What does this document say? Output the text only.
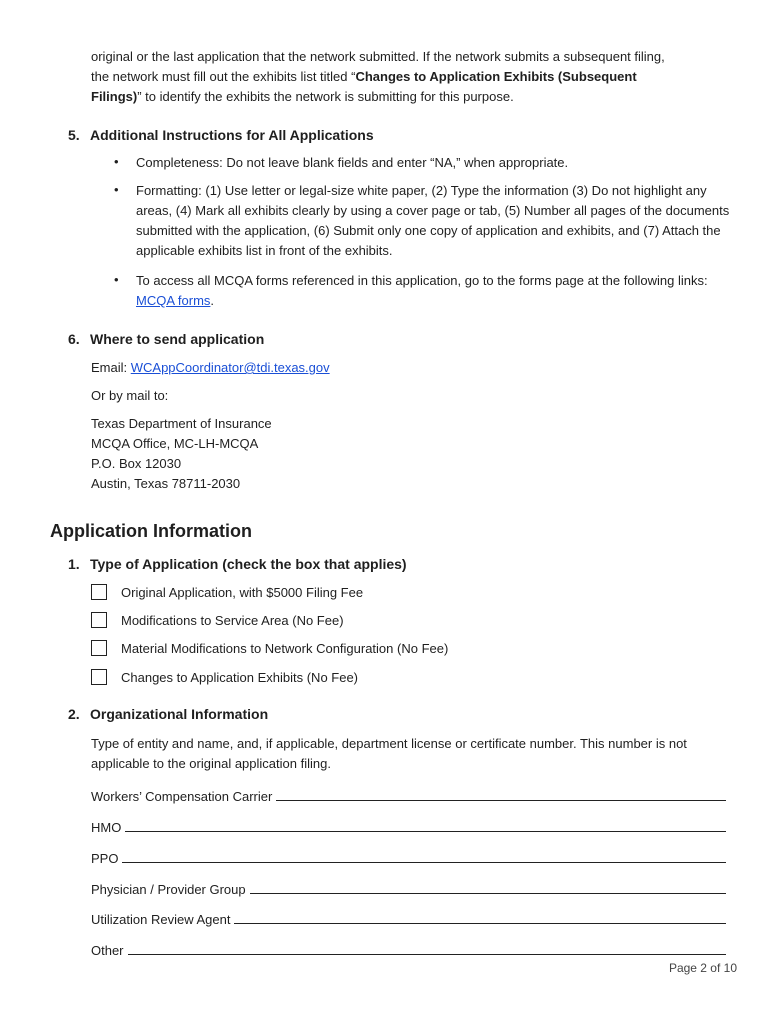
original or the last application that the network submitted. If the network submits a subsequent filing,
the network must fill out the exhibits list titled “Changes to Application Exhibits (Subsequent
Filings)” to identify the exhibits the network is submitting for this purpose.
5. Additional Instructions for All Applications
• Completeness: Do not leave blank fields and enter “NA,” when appropriate.
• Formatting: (1) Use letter or legal-size white paper, (2) Type the information (3) Do not highlight any areas, (4) Mark all exhibits clearly by using a cover page or tab, (5) Number all pages of the documents submitted with the application, (6) Submit only one copy of application and exhibits, and (7) Attach the applicable exhibits list in front of the exhibits.
• To access all MCQA forms referenced in this application, go to the forms page at the following links: MCQA forms.
6. Where to send application
Email: WCAppCoordinator@tdi.texas.gov
Or by mail to:
Texas Department of Insurance
MCQA Office, MC-LH-MCQA
P.O. Box 12030
Austin, Texas 78711-2030
Application Information
1. Type of Application (check the box that applies)
Original Application, with $5000 Filing Fee
Modifications to Service Area (No Fee)
Material Modifications to Network Configuration (No Fee)
Changes to Application Exhibits (No Fee)
2. Organizational Information
Type of entity and name, and, if applicable, department license or certificate number. This number is not applicable to the original application filing.
Workers’ Compensation Carrier
HMO
PPO
Physician / Provider Group
Utilization Review Agent
Other
Page 2 of 10
